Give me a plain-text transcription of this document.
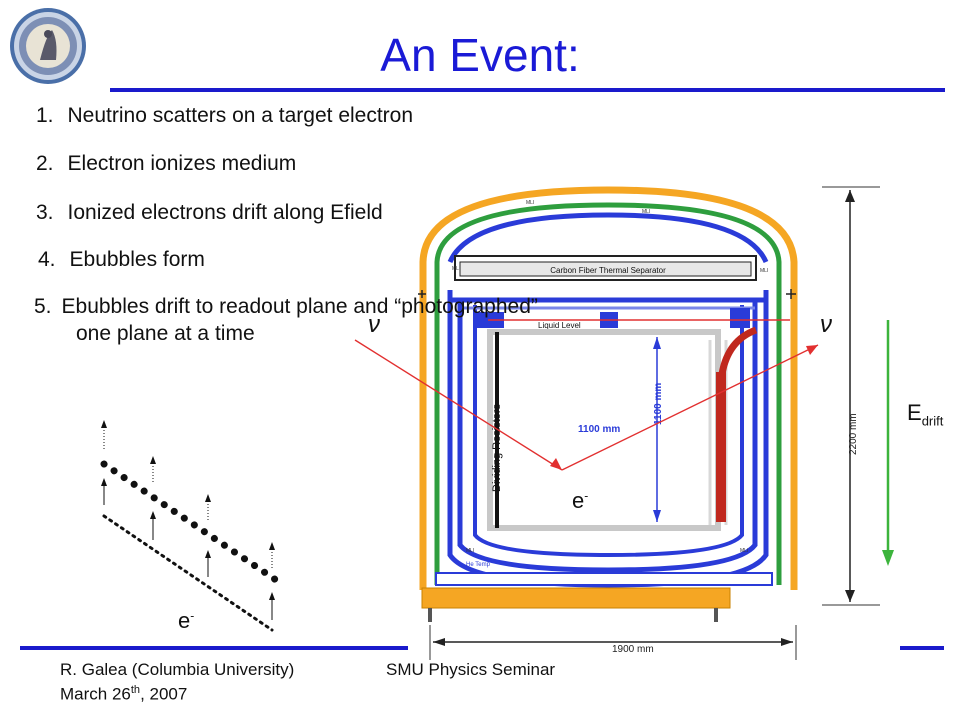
An Event:
1. Neutrino scatters on a target electron
2. Electron ionizes medium
3. Ionized electrons drift along Efield
4. Ebubbles form
2200 mm
1900 mm
Carbon Fiber Thermal Separator
MLI
MLI
MLI	MLI
MLI	MLI
Liquid Level
Dividing Resistors
1100 mm
1100 mm
He Temp
ν	ν
5. Ebubbles drift to readout plane and “photographed”
one plane at a time
e-
e-
$E_{drift}$
R. Galea (Columbia University)
March 26th, 2007
SMU Physics Seminar
